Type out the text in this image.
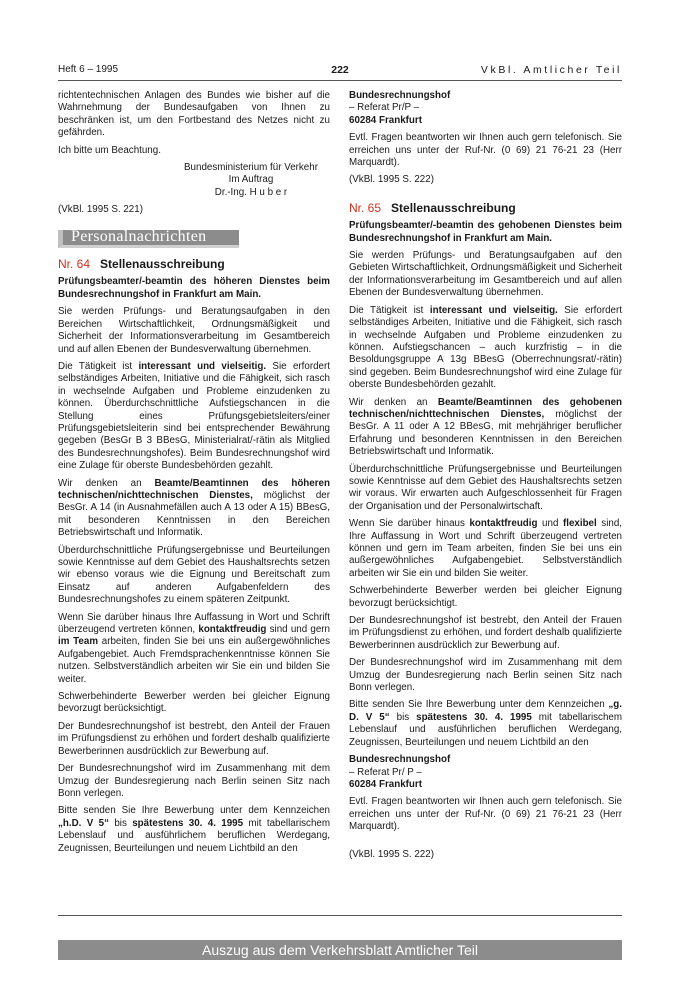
Heft 6 – 1995	222	VkBl. Amtlicher Teil

richtentechnischen Anlagen des Bundes wie bisher auf die Wahrnehmung der Bundesaufgaben von Ihnen zu beschränken ist, um den Fortbestand des Netzes nicht zu gefährden.

Ich bitte um Beachtung.

Bundesministerium für Verkehr
Im Auftrag
Dr.-Ing. H u b e r

(VkBl. 1995 S. 221)

Personalnachrichten
Nr. 64 Stellenausschreibung

Prüfungsbeamter/-beamtin des höheren Dienstes beim Bundesrechnungshof in Frankfurt am Main.

Sie werden Prüfungs- und Beratungsaufgaben in den Bereichen Wirtschaftlichkeit, Ordnungsmäßigkeit und Sicherheit der Informationsverarbeitung im Gesamtbereich und auf allen Ebenen der Bundesverwaltung übernehmen.

Die Tätigkeit ist interessant und vielseitig. Sie erfordert selbständiges Arbeiten, Initiative und die Fähigkeit, sich rasch in wechselnde Aufgaben und Probleme einzudenken zu können. Überdurchschnittliche Aufstiegschancen in die Stellung eines Prüfungsgebietsleiters/einer Prüfungsgebietsleiterin sind bei entsprechender Bewährung gegeben (BesGr B 3 BBesG, Ministerialrat/-rätin als Mitglied des Bundesrechnungshofes). Beim Bundesrechnungshof wird eine Zulage für oberste Bundesbehörden gezahlt.

Wir denken an Beamte/Beamtinnen des höheren technischen/nichttechnischen Dienstes, möglichst der BesGr. A 14 (in Ausnahmefällen auch A 13 oder A 15) BBesG, mit besonderen Kenntnissen in den Bereichen Betriebswirtschaft und Informatik.

Überdurchschnittliche Prüfungsergebnisse und Beurteilungen sowie Kenntnisse auf dem Gebiet des Haushaltsrechts setzen wir ebenso voraus wie die Eignung und Bereitschaft zum Einsatz auf anderen Aufgabenfeldern des Bundesrechnungshofes zu einem späteren Zeitpunkt.

Wenn Sie darüber hinaus Ihre Auffassung in Wort und Schrift überzeugend vertreten können, kontaktfreudig sind und gern im Team arbeiten, finden Sie bei uns ein außergewöhnliches Aufgabengebiet. Auch Fremdsprachenkenntnisse können Sie nutzen. Selbstverständlich arbeiten wir Sie ein und bilden Sie weiter.

Schwerbehinderte Bewerber werden bei gleicher Eignung bevorzugt berücksichtigt.

Der Bundesrechnungshof ist bestrebt, den Anteil der Frauen im Prüfungsdienst zu erhöhen und fordert deshalb qualifizierte Bewerberinnen ausdrücklich zur Bewerbung auf.

Der Bundesrechnungshof wird im Zusammenhang mit dem Umzug der Bundesregierung nach Berlin seinen Sitz nach Bonn verlegen.

Bitte senden Sie Ihre Bewerbung unter dem Kennzeichen „h.D. V 5“ bis spätestens 30. 4. 1995 mit tabellarischem Lebenslauf und ausführlichem beruflichen Werdegang, Zeugnissen, Beurteilungen und neuem Lichtbild an den

Bundesrechnungshof
– Referat Pr/P –
60284 Frankfurt

Evtl. Fragen beantworten wir Ihnen auch gern telefonisch. Sie erreichen uns unter der Ruf-Nr. (0 69) 21 76-21 23 (Herr Marquardt).

(VkBl. 1995 S. 222)

Nr. 65 Stellenausschreibung

Prüfungsbeamter/-beamtin des gehobenen Dienstes beim Bundesrechnungshof in Frankfurt am Main.

Sie werden Prüfungs- und Beratungsaufgaben auf den Gebieten Wirtschaftlichkeit, Ordnungsmäßigkeit und Sicherheit der Informationsverarbeitung im Gesamtbereich und auf allen Ebenen der Bundesverwaltung übernehmen.

Die Tätigkeit ist interessant und vielseitig. Sie erfordert selbständiges Arbeiten, Initiative und die Fähigkeit, sich rasch in wechselnde Aufgaben und Probleme einzudenken zu können. Aufstiegschancen – auch kurzfristig – in die Besoldungsgruppe A 13g BBesG (Oberrechnungsrat/-rätin) sind gegeben. Beim Bundesrechnungshof wird eine Zulage für oberste Bundesbehörden gezahlt.

Wir denken an Beamte/Beamtinnen des gehobenen technischen/nichttechnischen Dienstes, möglichst der BesGr. A 11 oder A 12 BBesG, mit mehrjähriger beruflicher Erfahrung und besonderen Kenntnissen in den Bereichen Betriebswirtschaft und Informatik.

Überdurchschnittliche Prüfungsergebnisse und Beurteilungen sowie Kenntnisse auf dem Gebiet des Haushaltsrechts setzen wir voraus. Wir erwarten auch Aufgeschlossenheit für Fragen der Organisation und der Personalwirtschaft.

Wenn Sie darüber hinaus kontaktfreudig und flexibel sind, Ihre Auffassung in Wort und Schrift überzeugend vertreten können und gern im Team arbeiten, finden Sie bei uns ein außergewöhnliches Aufgabengebiet. Selbstverständlich arbeiten wir Sie ein und bilden Sie weiter.

Schwerbehinderte Bewerber werden bei gleicher Eignung bevorzugt berücksichtigt.

Der Bundesrechnungshof ist bestrebt, den Anteil der Frauen im Prüfungsdienst zu erhöhen, und fordert deshalb qualifizierte Bewerberinnen ausdrücklich zur Bewerbung auf.

Der Bundesrechnungshof wird im Zusammenhang mit dem Umzug der Bundesregierung nach Berlin seinen Sitz nach Bonn verlegen.

Bitte senden Sie Ihre Bewerbung unter dem Kennzeichen „g. D. V 5“ bis spätestens 30. 4. 1995 mit tabellarischem Lebenslauf und ausführlichen beruflichen Werdegang, Zeugnissen, Beurteilungen und neuem Lichtbild an den

Bundesrechnungshof
– Referat Pr/ P –
60284 Frankfurt

Evtl. Fragen beantworten wir Ihnen auch gern telefonisch. Sie erreichen uns unter der Ruf-Nr. (0 69) 21 76-21 23 (Herr Marquardt).

(VkBl. 1995 S. 222)

Auszug aus dem Verkehrsblatt Amtlicher Teil
